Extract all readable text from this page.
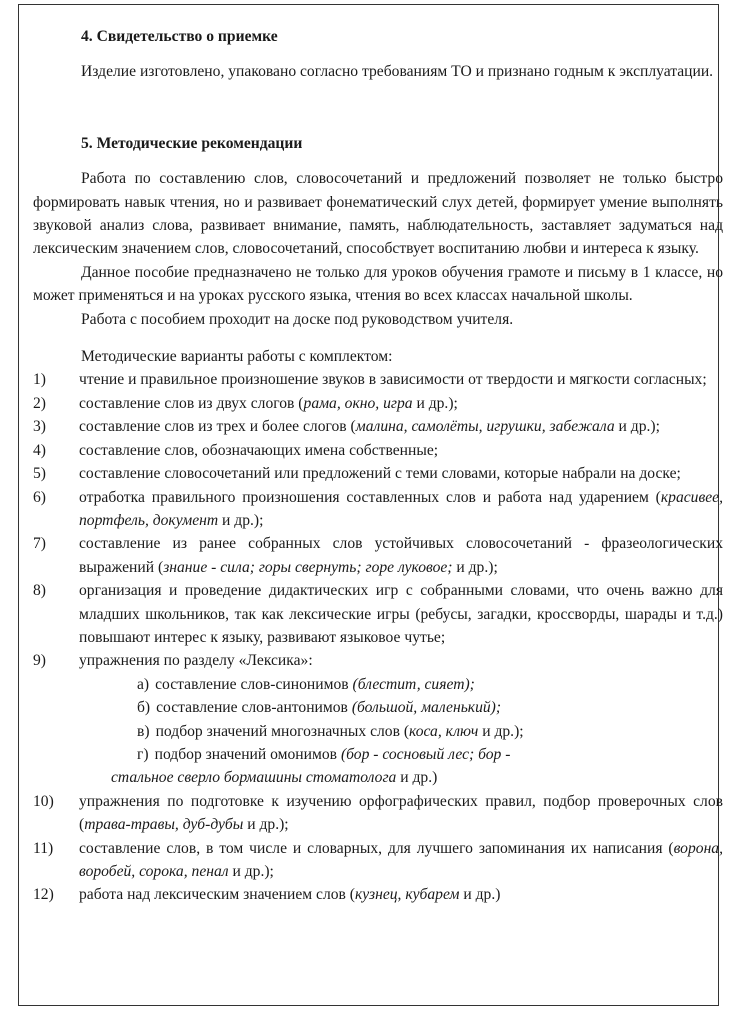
4. Свидетельство о приемке

Изделие изготовлено, упаковано согласно требованиям ТО и признано годным к эксплуатации.

5. Методические рекомендации

Работа по составлению слов, словосочетаний и предложений позволяет не только быстро формировать навык чтения, но и развивает фонематический слух детей, формирует умение выполнять звуковой анализ слова, развивает внимание, память, наблюдательность, заставляет задуматься над лексическим значением слов, словосочетаний, способствует воспитанию любви и интереса к языку.

Данное пособие предназначено не только для уроков обучения грамоте и письму в 1 классе, но может применяться и на уроках русского языка, чтения во всех классах начальной школы.

Работа с пособием проходит на доске под руководством учителя.

Методические варианты работы с комплектом:

1) чтение и правильное произношение звуков в зависимости от твердости и мягкости согласных;
2) составление слов из двух слогов (рама, окно, игра и др.);
3) составление слов из трех и более слогов (малина, самолёты, игрушки, забежала и др.);
4) составление слов, обозначающих имена собственные;
5) составление словосочетаний или предложений с теми словами, которые набрали на доске;
6) отработка правильного произношения составленных слов и работа над ударением (красивее, портфель, документ и др.);
7) составление из ранее собранных слов устойчивых словосочетаний - фразеологических выражений (знание - сила; горы свернуть; горе луковое; и др.);
8) организация и проведение дидактических игр с собранными словами, что очень важно для младших школьников, так как лексические игры (ребусы, загадки, кроссворды, шарады и т.д.) повышают интерес к языку, развивают языковое чутье;
9) упражнения по разделу «Лексика»:

а) составление слов-синонимов (блестит, сияет);

б) составление слов-антонимов (большой, маленький);

в) подбор значений многозначных слов (коса, ключ и др.);

г) подбор значений омонимов (бор - сосновый лес; бор -

стальное сверло бормашины стоматолога и др.)

10) упражнения по подготовке к изучению орфографических правил, подбор проверочных слов (трава-травы, дуб-дубы и др.);
11) составление слов, в том числе и словарных, для лучшего запоминания их написания (ворона, воробей, сорока, пенал и др.);
12) работа над лексическим значением слов (кузнец, кубарем и др.)
